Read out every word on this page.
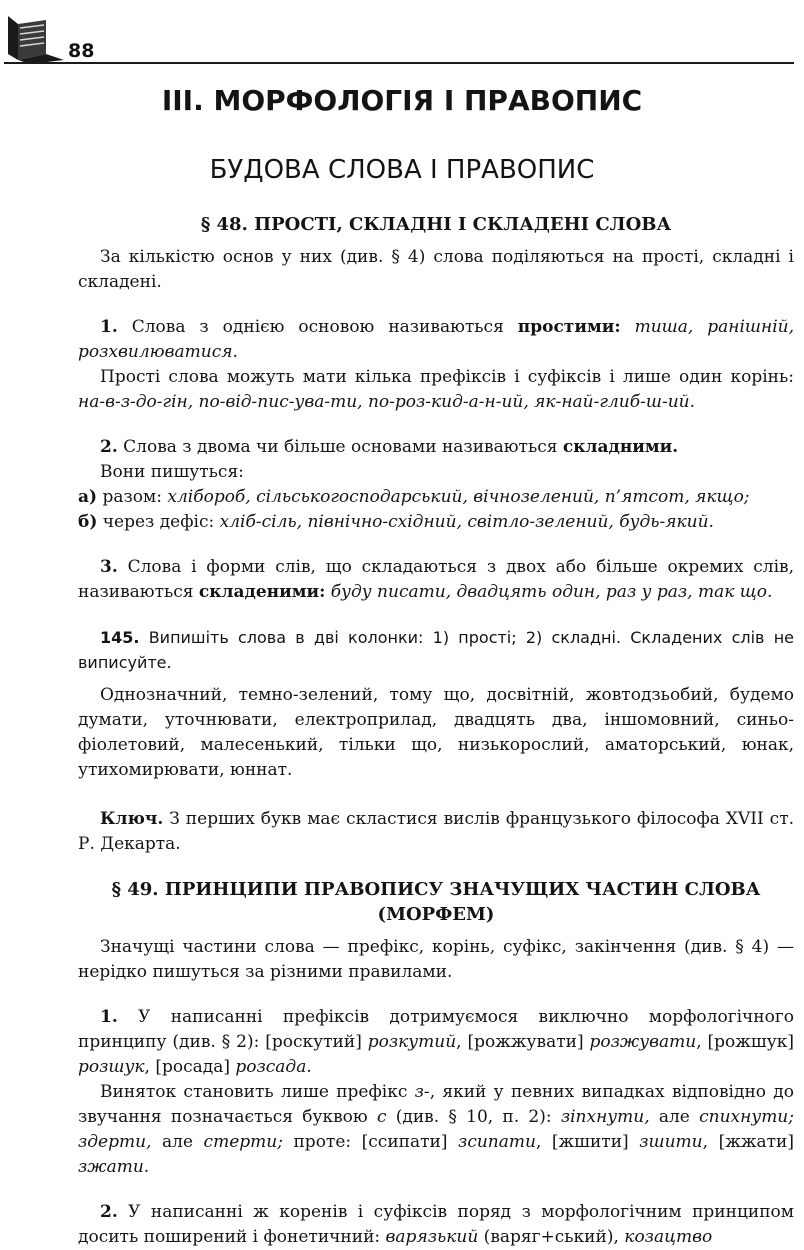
88
III. МОРФОЛОГІЯ І ПРАВОПИС
БУДОВА СЛОВА І ПРАВОПИС

§ 48. ПРОСТІ, СКЛАДНІ І СКЛАДЕНІ СЛОВА

За кількістю основ у них (див. § 4) слова поділяються на прості, складні і складені.

1. Слова з однією основою називаються простими: тиша, ранішній, розхвилюватися.

Прості слова можуть мати кілька префіксів і суфіксів і лише один корінь: на-в-з-до-гін, по-від-пис-ува-ти, по-роз-кид-а-н-ий, як-най-глиб-ш-ий.

2. Слова з двома чи більше основами називаються складними.

Вони пишуться:

а) разом: хлібороб, сільськогосподарський, вічнозелений, п’ятсот, якщо;

б) через дефіс: хліб-сіль, північно-східний, світло-зелений, будь-який.

3. Слова і форми слів, що складаються з двох або більше окремих слів, називаються складеними: буду писати, двадцять один, раз у раз, так що.

145. Випишіть слова в дві колонки: 1) прості; 2) складні. Складених слів не виписуйте.

Однозначний, темно-зелений, тому що, досвітній, жовтодзьобий, будемо думати, уточнювати, електроприлад, двадцять два, іншомовний, синьо-фіолетовий, малесенький, тільки що, низькорослий, аматорський, юнак, утихомирювати, юннат.

Ключ. З перших букв має скластися вислів французького філософа XVII ст. Р. Декарта.

§ 49. ПРИНЦИПИ ПРАВОПИСУ ЗНАЧУЩИХ ЧАСТИН СЛОВА

(МОРФЕМ)

Значущі частини слова — префікс, корінь, суфікс, закінчення (див. § 4) — нерідко пишуться за різними правилами.

1. У написанні префіксів дотримуємося виключно морфологічного принципу (див. § 2): [роскутий] розкутий, [рожжувати] розжувати, [рожшук] розшук, [росада] розсада.

Виняток становить лише префікс з-, який у певних випадках відповідно до звучання позначається буквою с (див. § 10, п. 2): зіпхнути, але спихнути; здерти, але стерти; проте: [ссипати] зсипати, [жшити] зшити, [жжати] зжати.

2. У написанні ж коренів і суфіксів поряд з морфологічним принципом досить поширений і фонетичний: варязький (варяг+ський), козацтво
